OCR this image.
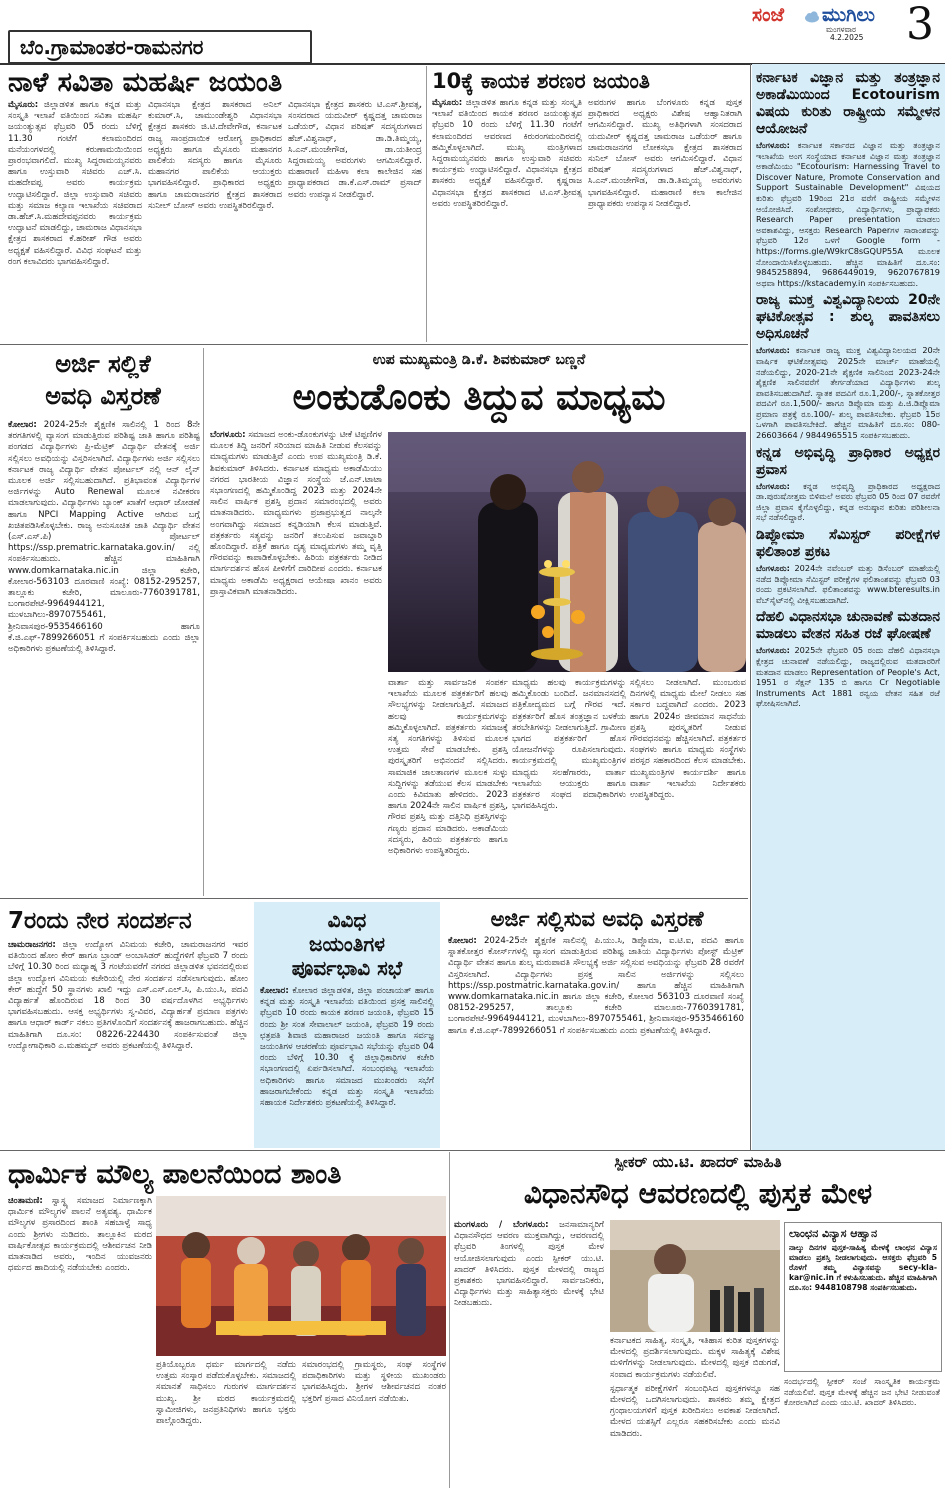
ಬೆಂ.ಗ್ರಾಮಾಂತರ-ರಾಮನಗರ
ಸಂಜೆ ಮುಗಿಲು
ಮಂಗಳವಾರ
4.2.2025 3
ನಾಳೆ ಸವಿತಾ ಮಹರ್ಷಿ ಜಯಂತಿ

ಮೈಸೂರು: ಜಿಲ್ಲಾಡಳಿತ ಹಾಗೂ ಕನ್ನಡ ಮತ್ತು ಸಂಸ್ಕೃತಿ ಇಲಾಖೆ ವತಿಯಿಂದ ಸವಿತಾ ಮಹರ್ಷಿ ಜಯಂತ್ಯುತ್ಸವ ಫೆಬ್ರವರಿ 05 ರಂದು ಬೆಳಿಗ್ಗೆ 11.30 ಗಂಟೆಗೆ ಕಲಾಮಂದಿರದ ಮನೆಯಂಗಳದಲ್ಲಿ ಕರುಣಾಮಯಿಯಿಂದ ಪ್ರಾರಂಭವಾಗಲಿದೆ. ಮುಖ್ಯ ಸಿದ್ದರಾಮಯ್ಯನವರು ಹಾಗೂ ಉಸ್ತುವಾರಿ ಸಚಿವರು ಎಚ್.ಸಿ. ಮಹದೇವಪ್ಪ ಅವರು ಕಾರ್ಯಕ್ರಮ ಉದ್ಘಾಟಿಸಲಿದ್ದಾರೆ. ಜಿಲ್ಲಾ ಉಸ್ತುವಾರಿ ಸಚಿವರು ಮತ್ತು ಸಮಾಜ ಕಲ್ಯಾಣ ಇಲಾಖೆಯ ಸಚಿವರಾದ ಡಾ.ಹೆಚ್.ಸಿ.ಮಹದೇವಪ್ಪನವರು ಕಾರ್ಯಕ್ರಮ ಉದ್ಘಾಟನೆ ಮಾಡಲಿದ್ದು, ಚಾಮರಾಜ ವಿಧಾನಸಭಾ ಕ್ಷೇತ್ರದ ಶಾಸಕರಾದ ಕೆ.ಹರೀಶ್ ಗೌಡ ಅವರು ಅಧ್ಯಕ್ಷತೆ ವಹಿಸಲಿದ್ದಾರೆ. ವಿವಿಧ ಸಂಘಟನೆ ಮತ್ತು ರಂಗ ಕಲಾವಿದರು ಭಾಗವಹಿಸಲಿದ್ದಾರೆ.

ವಿಧಾನಸಭಾ ಕ್ಷೇತ್ರದ ಶಾಸಕರಾದ ಅನಿಲ್ ಕುಮಾರ್.ಸಿ, ಚಾಮುಂಡೇಶ್ವರಿ ವಿಧಾನಸಭಾ ಕ್ಷೇತ್ರದ ಶಾಸಕರು ಜಿ.ಟಿ.ದೇವೇಗೌಡ, ಕರ್ನಾಟಕ ರಾಜ್ಯ ಸಾಂಪ್ರದಾಯಿಕ ಆರೋಗ್ಯ ಪ್ರಾಧಿಕಾರದ ಅಧ್ಯಕ್ಷರು ಹಾಗೂ ಮೈಸೂರು ಮಹಾನಗರ ಪಾಲಿಕೆಯ ಸದಸ್ಯರು ಹಾಗೂ ಮೈಸೂರು ಮಹಾನಗರ ಪಾಲಿಕೆಯ ಆಯುಕ್ತರು ಭಾಗವಹಿಸಲಿದ್ದಾರೆ. ಪ್ರಾಧಿಕಾರದ ಅಧ್ಯಕ್ಷರು ಹಾಗೂ ಚಾಮರಾಜನಗರ ಕ್ಷೇತ್ರದ ಶಾಸಕರಾದ ಸುನೀಲ್ ಬೋಸ್ ಅವರು ಉಪಸ್ಥಿತರಿರಲಿದ್ದಾರೆ.

ವಿಧಾನಸಭಾ ಕ್ಷೇತ್ರದ ಶಾಸಕರು ಟಿ.ಎಸ್.ಶ್ರೀವತ್ಸ, ಸಂಸದರಾದ ಯದುವೀರ್ ಕೃಷ್ಣದತ್ತ ಚಾಮರಾಜ ಒಡೆಯರ್, ವಿಧಾನ ಪರಿಷತ್ ಸದಸ್ಯರುಗಳಾದ ಹೆಚ್.ವಿಶ್ವನಾಥ್, ಡಾ.ಡಿ.ತಿಮ್ಮಯ್ಯ, ಸಿ.ಎನ್.ಮಂಜೇಗೌಡ, ಡಾ.ಯತೀಂದ್ರ ಸಿದ್ದರಾಮಯ್ಯ ಅವರುಗಳು ಆಗಮಿಸಲಿದ್ದಾರೆ. ಮಹಾರಾಣಿ ಮಹಿಳಾ ಕಲಾ ಕಾಲೇಜಿನ ಸಹ ಪ್ರಾಧ್ಯಾಪಕರಾದ ಡಾ.ಕೆ.ಎಸ್.ರಾಮ್ ಪ್ರಸಾದ್ ಅವರು ಉಪನ್ಯಾಸ ನೀಡಲಿದ್ದಾರೆ.

10ಕ್ಕೆ ಕಾಯಕ ಶರಣರ ಜಯಂತಿ

ಮೈಸೂರು: ಜಿಲ್ಲಾಡಳಿತ ಹಾಗೂ ಕನ್ನಡ ಮತ್ತು ಸಂಸ್ಕೃತಿ ಇಲಾಖೆ ವತಿಯಿಂದ ಕಾಯಕ ಶರಣರ ಜಯಂತ್ಯುತ್ಸವ ಫೆಬ್ರವರಿ 10 ರಂದು ಬೆಳಿಗ್ಗೆ 11.30 ಗಂಟೆಗೆ ಕಲಾಮಂದಿರದ ಆವರಣದ ಕಿರುರಂಗಮಂದಿರದಲ್ಲಿ ಹಮ್ಮಿಕೊಳ್ಳಲಾಗಿದೆ. ಮುಖ್ಯ ಮಂತ್ರಿಗಳಾದ ಸಿದ್ದರಾಮಯ್ಯನವರು ಹಾಗೂ ಉಸ್ತುವಾರಿ ಸಚಿವರು ಕಾರ್ಯಕ್ರಮ ಉದ್ಘಾಟಿಸಲಿದ್ದಾರೆ. ವಿಧಾನಸಭಾ ಕ್ಷೇತ್ರದ ಶಾಸಕರು ಅಧ್ಯಕ್ಷತೆ ವಹಿಸಲಿದ್ದಾರೆ. ಕೃಷ್ಣರಾಜ ವಿಧಾನಸಭಾ ಕ್ಷೇತ್ರದ ಶಾಸಕರಾದ ಟಿ.ಎಸ್.ಶ್ರೀವತ್ಸ ಅವರು ಉಪಸ್ಥಿತರಿರಲಿದ್ದಾರೆ.

ಅವರುಗಳ ಹಾಗೂ ಬೆಂಗಳೂರು ಕನ್ನಡ ಪುಸ್ತಕ ಪ್ರಾಧಿಕಾರದ ಅಧ್ಯಕ್ಷರು ವಿಶೇಷ ಆಹ್ವಾನಿತರಾಗಿ ಆಗಮಿಸಲಿದ್ದಾರೆ. ಮುಖ್ಯ ಅತಿಥಿಗಳಾಗಿ ಸಂಸದರಾದ ಯದುವೀರ್ ಕೃಷ್ಣದತ್ತ ಚಾಮರಾಜ ಒಡೆಯರ್ ಹಾಗೂ ಚಾಮರಾಜನಗರ ಲೋಕಸಭಾ ಕ್ಷೇತ್ರದ ಶಾಸಕರಾದ ಸುನಿಲ್ ಬೋಸ್ ಅವರು ಆಗಮಿಸಲಿದ್ದಾರೆ. ವಿಧಾನ ಪರಿಷತ್ ಸದಸ್ಯರುಗಳಾದ ಹೆಚ್.ವಿಶ್ವನಾಥ್, ಸಿ.ಎನ್.ಮಂಜೇಗೌಡ, ಡಾ.ಡಿ.ತಿಮ್ಮಯ್ಯ ಅವರುಗಳು ಭಾಗವಹಿಸಲಿದ್ದಾರೆ. ಮಹಾರಾಣಿ ಕಲಾ ಕಾಲೇಜಿನ ಪ್ರಾಧ್ಯಾಪಕರು ಉಪನ್ಯಾಸ ನೀಡಲಿದ್ದಾರೆ.

ಅರ್ಜಿ ಸಲ್ಲಿಕೆ
ಅವಧಿ ವಿಸ್ತರಣೆ

ಕೋಲಾರ: 2024-25ನೇ ಶೈಕ್ಷಣಿಕ ಸಾಲಿನಲ್ಲಿ 1 ರಿಂದ 8ನೇ ತರಗತಿಗಳಲ್ಲಿ ವ್ಯಾಸಂಗ ಮಾಡುತ್ತಿರುವ ಪರಿಶಿಷ್ಟ ಜಾತಿ ಹಾಗೂ ಪರಿಶಿಷ್ಟ ಪಂಗಡದ ವಿದ್ಯಾರ್ಥಿಗಳು ಪ್ರಿ-ಮೆಟ್ರಿಕ್ ವಿದ್ಯಾರ್ಥಿ ವೇತನಕ್ಕೆ ಅರ್ಜಿ ಸಲ್ಲಿಸಲು ಅವಧಿಯನ್ನು ವಿಸ್ತರಿಸಲಾಗಿದೆ. ವಿದ್ಯಾರ್ಥಿಗಳು ಅರ್ಜಿ ಸಲ್ಲಿಸಲು ಕರ್ನಾಟಕ ರಾಜ್ಯ ವಿದ್ಯಾರ್ಥಿ ವೇತನ ಪೋರ್ಟಲ್ ನಲ್ಲಿ ಆನ್ ಲೈನ್ ಮೂಲಕ ಅರ್ಜಿ ಸಲ್ಲಿಸಬಹುದಾಗಿದೆ. ಪ್ರತಿಭಾವಂತ ವಿದ್ಯಾರ್ಥಿಗಳ ಅರ್ಜಿಗಳನ್ನು Auto Renewal ಮೂಲಕ ನವೀಕರಣ ಮಾಡಲಾಗುವುದು. ವಿದ್ಯಾರ್ಥಿಗಳು ಬ್ಯಾಂಕ್ ಖಾತೆಗೆ ಆಧಾರ್ ಜೋಡಣೆ ಹಾಗೂ NPCI Mapping Active ಆಗಿರುವ ಬಗ್ಗೆ ಖಚಿತಪಡಿಸಿಕೊಳ್ಳಬೇಕು. ರಾಜ್ಯ ಅನುಸೂಚಿತ ಜಾತಿ ವಿದ್ಯಾರ್ಥಿ ವೇತನ (ಎಸ್.ಎಸ್.ಪಿ) ಪೋರ್ಟಲ್ https://ssp.prematric.karnataka.gov.in/ ನಲ್ಲಿ ಸಂಪರ್ಕಿಸಬಹುದು. ಹೆಚ್ಚಿನ ಮಾಹಿತಿಗಾಗಿ www.domkarnataka.nic.in ಜಿಲ್ಲಾ ಕಚೇರಿ, ಕೋಲಾರ-563103 ದೂರವಾಣಿ ಸಂಖ್ಯೆ: 08152-295257, ತಾಲ್ಲೂಕು ಕಚೇರಿ, ಮಾಲೂರು-7760391781, ಬಂಗಾರಪೇಟೆ-9964944121, ಮುಳಬಾಗಿಲು-8970755461, ಶ್ರೀನಿವಾಸಪುರ-9535466160 ಹಾಗೂ ಕೆ.ಜಿ.ಎಫ್-7899266051 ಗೆ ಸಂಪರ್ಕಿಸಬಹುದು ಎಂದು ಜಿಲ್ಲಾ ಅಧಿಕಾರಿಗಳು ಪ್ರಕಟಣೆಯಲ್ಲಿ ತಿಳಿಸಿದ್ದಾರೆ.

ಉಪ ಮುಖ್ಯಮಂತ್ರಿ ಡಿ.ಕೆ. ಶಿವಕುಮಾರ್ ಬಣ್ಣನೆ
ಅಂಕುಡೊಂಕು ತಿದ್ದುವ ಮಾಧ್ಯಮ

ಬೆಂಗಳೂರು: ಸಮಾಜದ ಅಂಕು-ಡೊಂಕುಗಳನ್ನು ಟೀಕೆ ಟಿಪ್ಪಣಿಗಳ ಮೂಲಕ ತಿದ್ದಿ ಜನರಿಗೆ ಸರಿಯಾದ ಮಾಹಿತಿ ನೀಡುವ ಕೆಲಸವನ್ನು ಮಾಧ್ಯಮಗಳು ಮಾಡುತ್ತಿವೆ ಎಂದು ಉಪ ಮುಖ್ಯಮಂತ್ರಿ ಡಿ.ಕೆ. ಶಿವಕುಮಾರ್ ತಿಳಿಸಿದರು. ಕರ್ನಾಟಕ ಮಾಧ್ಯಮ ಅಕಾಡೆಮಿಯು ನಗರದ ಭಾರತೀಯ ವಿಜ್ಞಾನ ಸಂಸ್ಥೆಯ ಜೆ.ಎನ್.ಟಾಟಾ ಸಭಾಂಗಣದಲ್ಲಿ ಹಮ್ಮಿಕೊಂಡಿದ್ದ 2023 ಮತ್ತು 2024ನೇ ಸಾಲಿನ ವಾರ್ಷಿಕ ಪ್ರಶಸ್ತಿ ಪ್ರದಾನ ಸಮಾರಂಭದಲ್ಲಿ ಅವರು ಮಾತನಾಡಿದರು. ಮಾಧ್ಯಮಗಳು ಪ್ರಜಾಪ್ರಭುತ್ವದ ನಾಲ್ಕನೇ ಅಂಗವಾಗಿದ್ದು ಸಮಾಜದ ಕನ್ನಡಿಯಾಗಿ ಕೆಲಸ ಮಾಡುತ್ತಿವೆ. ಪತ್ರಕರ್ತರು ಸತ್ಯವನ್ನು ಜನರಿಗೆ ತಲುಪಿಸುವ ಜವಾಬ್ದಾರಿ ಹೊಂದಿದ್ದಾರೆ. ಪತ್ರಿಕೆ ಹಾಗೂ ದೃಶ್ಯ ಮಾಧ್ಯಮಗಳು ತಮ್ಮ ವೃತ್ತಿ ಗೌರವವನ್ನು ಕಾಪಾಡಿಕೊಳ್ಳಬೇಕು. ಹಿರಿಯ ಪತ್ರಕರ್ತರು ನೀಡಿದ ಮಾರ್ಗದರ್ಶನ ಹೊಸ ಪೀಳಿಗೆಗೆ ದಾರಿದೀಪ ಎಂದರು. ಕರ್ನಾಟಕ ಮಾಧ್ಯಮ ಅಕಾಡೆಮಿ ಅಧ್ಯಕ್ಷರಾದ ಆಯೇಷಾ ಖಾನಂ ಅವರು ಪ್ರಾಸ್ತಾವಿಕವಾಗಿ ಮಾತನಾಡಿದರು.

ವಾರ್ತಾ ಮತ್ತು ಸಾರ್ವಜನಿಕ ಸಂಪರ್ಕ ಇಲಾಖೆಯ ಮೂಲಕ ಪತ್ರಕರ್ತರಿಗೆ ಹಲವು ಸೌಲಭ್ಯಗಳನ್ನು ನೀಡಲಾಗುತ್ತಿದೆ. ಸಮಾಜದ ಹಲವು ಕಾರ್ಯಕ್ರಮಗಳನ್ನು ಹಮ್ಮಿಕೊಳ್ಳಲಾಗಿದೆ. ಪತ್ರಕರ್ತರು ಸಮಾಜಕ್ಕೆ ಸತ್ಯ ಸಂಗತಿಗಳನ್ನು ತಿಳಿಸುವ ಮೂಲಕ ಉತ್ತಮ ಸೇವೆ ಮಾಡಬೇಕು. ಪ್ರಶಸ್ತಿ ಪುರಸ್ಕೃತರಿಗೆ ಅಭಿನಂದನೆ ಸಲ್ಲಿಸಿದರು. ಸಾಮಾಜಿಕ ಜಾಲತಾಣಗಳ ಮೂಲಕ ಸುಳ್ಳು ಸುದ್ದಿಗಳನ್ನು ತಡೆಯುವ ಕೆಲಸ ಮಾಡಬೇಕು ಎಂದು ಕಿವಿಮಾತು ಹೇಳಿದರು. 2023 ಹಾಗೂ 2024ನೇ ಸಾಲಿನ ವಾರ್ಷಿಕ ಪ್ರಶಸ್ತಿ, ಗೌರವ ಪ್ರಶಸ್ತಿ ಮತ್ತು ದತ್ತಿನಿಧಿ ಪ್ರಶಸ್ತಿಗಳನ್ನು ಗಣ್ಯರು ಪ್ರದಾನ ಮಾಡಿದರು. ಅಕಾಡೆಮಿಯ ಸದಸ್ಯರು, ಹಿರಿಯ ಪತ್ರಕರ್ತರು ಹಾಗೂ ಅಧಿಕಾರಿಗಳು ಉಪಸ್ಥಿತರಿದ್ದರು.

ಮಾಧ್ಯಮ ಹಲವು ಕಾರ್ಯಕ್ರಮಗಳನ್ನು ಹಮ್ಮಿಕೊಂಡು ಬಂದಿದೆ. ಜನಮಾನಸದಲ್ಲಿ ಪತ್ರಿಕೋದ್ಯಮದ ಬಗ್ಗೆ ಗೌರವ ಇದೆ. ಪತ್ರಕರ್ತರಿಗೆ ಹೊಸ ತಂತ್ರಜ್ಞಾನ ಬಳಕೆಯ ತರಬೇತಿಗಳನ್ನು ನೀಡಲಾಗುತ್ತಿದೆ. ಗ್ರಾಮೀಣ ಭಾಗದ ಪತ್ರಕರ್ತರಿಗೆ ಹೊಸ ಯೋಜನೆಗಳನ್ನು ರೂಪಿಸಲಾಗುವುದು. ಕಾರ್ಯಕ್ರಮದಲ್ಲಿ ಮುಖ್ಯಮಂತ್ರಿಗಳ ಮಾಧ್ಯಮ ಸಲಹೆಗಾರರು, ವಾರ್ತಾ ಇಲಾಖೆಯ ಆಯುಕ್ತರು ಹಾಗೂ ಪತ್ರಕರ್ತರ ಸಂಘದ ಪದಾಧಿಕಾರಿಗಳು ಭಾಗವಹಿಸಿದ್ದರು.

ಸಲ್ಲಿಸಲು ನೀಡಲಾಗಿದೆ. ಮುಂಬರುವ ದಿನಗಳಲ್ಲಿ ಮಾಧ್ಯಮ ಮೇಲೆ ನೀಡಲು ಸಹ ಸರ್ಕಾರ ಬದ್ಧವಾಗಿದೆ ಎಂದರು. 2023 ಹಾಗೂ 2024ರ ಜೀವಮಾನ ಸಾಧನೆಯ ಪ್ರಶಸ್ತಿ ಪುರಸ್ಕೃತರಿಗೆ ನೀಡುವ ಗೌರವಧನವನ್ನು ಹೆಚ್ಚಿಸಲಾಗಿದೆ. ಪತ್ರಕರ್ತರ ಸಂಘಗಳು ಹಾಗೂ ಮಾಧ್ಯಮ ಸಂಸ್ಥೆಗಳು ಪರಸ್ಪರ ಸಹಕಾರದಿಂದ ಕೆಲಸ ಮಾಡಬೇಕು. ಮುಖ್ಯಮಂತ್ರಿಗಳ ಕಾರ್ಯದರ್ಶಿ ಹಾಗೂ ವಾರ್ತಾ ಇಲಾಖೆಯ ನಿರ್ದೇಶಕರು ಉಪಸ್ಥಿತರಿದ್ದರು.

7ರಂದು ನೇರ ಸಂದರ್ಶನ

ಚಾಮರಾಜನಗರ: ಜಿಲ್ಲಾ ಉದ್ಯೋಗ ವಿನಿಮಯ ಕಚೇರಿ, ಚಾಮರಾಜನಗರ ಇವರ ವತಿಯಿಂದ ಹೋಂ ಕೇರ್ ಹಾಗೂ ಬ್ರಾಂಡ್ ಅಂಬಾಸಿಡರ್ ಹುದ್ದೆಗಳಿಗೆ ಫೆಬ್ರವರಿ 7 ರಂದು ಬೆಳಿಗ್ಗೆ 10.30 ರಿಂದ ಮಧ್ಯಾಹ್ನ 3 ಗಂಟೆಯವರೆಗೆ ನಗರದ ಜಿಲ್ಲಾಡಳಿತ ಭವನದಲ್ಲಿರುವ ಜಿಲ್ಲಾ ಉದ್ಯೋಗ ವಿನಿಮಯ ಕಚೇರಿಯಲ್ಲಿ ನೇರ ಸಂದರ್ಶನ ನಡೆಸಲಾಗುವುದು. ಹೋಂ ಕೇರ್ ಹುದ್ದೆಗೆ 50 ಸ್ಥಾನಗಳು ಖಾಲಿ ಇದ್ದು ಎಸ್.ಎಸ್.ಎಲ್.ಸಿ, ಪಿ.ಯು.ಸಿ, ಪದವಿ ವಿದ್ಯಾರ್ಹತೆ ಹೊಂದಿರುವ 18 ರಿಂದ 30 ವರ್ಷದೊಳಗಿನ ಅಭ್ಯರ್ಥಿಗಳು ಭಾಗವಹಿಸಬಹುದು. ಆಸಕ್ತ ಅಭ್ಯರ್ಥಿಗಳು ಸ್ವ-ವಿವರ, ವಿದ್ಯಾರ್ಹತೆ ಪ್ರಮಾಣ ಪತ್ರಗಳು ಹಾಗೂ ಆಧಾರ್ ಕಾರ್ಡ್ ನಕಲು ಪ್ರತಿಗಳೊಂದಿಗೆ ಸಂದರ್ಶನಕ್ಕೆ ಹಾಜರಾಗಬಹುದು. ಹೆಚ್ಚಿನ ಮಾಹಿತಿಗಾಗಿ ದೂ.ಸಂ: 08226-224430 ಸಂಪರ್ಕಿಸುವಂತೆ ಜಿಲ್ಲಾ ಉದ್ಯೋಗಾಧಿಕಾರಿ ಎ.ಮಹಮ್ಮದ್ ಅವರು ಪ್ರಕಟಣೆಯಲ್ಲಿ ತಿಳಿಸಿದ್ದಾರೆ.

ವಿವಿಧ
ಜಯಂತಿಗಳ
ಪೂರ್ವಭಾವಿ ಸಭೆ

ಕೋಲಾರ: ಕೋಲಾರ ಜಿಲ್ಲಾಡಳಿತ, ಜಿಲ್ಲಾ ಪಂಚಾಯತ್ ಹಾಗೂ ಕನ್ನಡ ಮತ್ತು ಸಂಸ್ಕೃತಿ ಇಲಾಖೆಯ ವತಿಯಿಂದ ಪ್ರಸಕ್ತ ಸಾಲಿನಲ್ಲಿ ಫೆಬ್ರವರಿ 10 ರಂದು ಕಾಯಕ ಶರಣರ ಜಯಂತಿ, ಫೆಬ್ರವರಿ 15 ರಂದು ಶ್ರೀ ಸಂತ ಸೇವಾಲಾಲ್ ಜಯಂತಿ, ಫೆಬ್ರವರಿ 19 ರಂದು ಛತ್ರಪತಿ ಶಿವಾಜಿ ಮಹಾರಾಜರ ಜಯಂತಿ ಹಾಗೂ ಸರ್ವಜ್ಞ ಜಯಂತಿಗಳ ಆಚರಣೆಯ ಪೂರ್ವಭಾವಿ ಸಭೆಯನ್ನು ಫೆಬ್ರವರಿ 04 ರಂದು ಬೆಳಿಗ್ಗೆ 10.30 ಕ್ಕೆ ಜಿಲ್ಲಾಧಿಕಾರಿಗಳ ಕಚೇರಿ ಸಭಾಂಗಣದಲ್ಲಿ ಏರ್ಪಡಿಸಲಾಗಿದೆ. ಸಂಬಂಧಪಟ್ಟ ಇಲಾಖೆಯ ಅಧಿಕಾರಿಗಳು ಹಾಗೂ ಸಮಾಜದ ಮುಖಂಡರು ಸಭೆಗೆ ಹಾಜರಾಗಬೇಕೆಂದು ಕನ್ನಡ ಮತ್ತು ಸಂಸ್ಕೃತಿ ಇಲಾಖೆಯ ಸಹಾಯಕ ನಿರ್ದೇಶಕರು ಪ್ರಕಟಣೆಯಲ್ಲಿ ತಿಳಿಸಿದ್ದಾರೆ.

ಅರ್ಜಿ ಸಲ್ಲಿಸುವ ಅವಧಿ ವಿಸ್ತರಣೆ

ಕೋಲಾರ: 2024-25ನೇ ಶೈಕ್ಷಣಿಕ ಸಾಲಿನಲ್ಲಿ ಪಿ.ಯು.ಸಿ, ಡಿಪ್ಲೊಮಾ, ಐ.ಟಿ.ಐ, ಪದವಿ ಹಾಗೂ ಸ್ನಾತಕೋತ್ತರ ಕೋರ್ಸ್‌ಗಳಲ್ಲಿ ವ್ಯಾಸಂಗ ಮಾಡುತ್ತಿರುವ ಪರಿಶಿಷ್ಟ ಜಾತಿಯ ವಿದ್ಯಾರ್ಥಿಗಳು ಪೋಸ್ಟ್ ಮೆಟ್ರಿಕ್ ವಿದ್ಯಾರ್ಥಿ ವೇತನ ಹಾಗೂ ಶುಲ್ಕ ಮರುಪಾವತಿ ಸೌಲಭ್ಯಕ್ಕೆ ಅರ್ಜಿ ಸಲ್ಲಿಸುವ ಅವಧಿಯನ್ನು ಫೆಬ್ರವರಿ 28 ರವರೆಗೆ ವಿಸ್ತರಿಸಲಾಗಿದೆ. ವಿದ್ಯಾರ್ಥಿಗಳು ಪ್ರಸಕ್ತ ಸಾಲಿನ ಅರ್ಜಿಗಳನ್ನು ಸಲ್ಲಿಸಲು https://ssp.postmatric.karnataka.gov.in/ ಹಾಗೂ ಹೆಚ್ಚಿನ ಮಾಹಿತಿಗಾಗಿ www.domkarnataka.nic.in ಹಾಗೂ ಜಿಲ್ಲಾ ಕಚೇರಿ, ಕೋಲಾರ 563103 ದೂರವಾಣಿ ಸಂಖ್ಯೆ 08152-295257, ತಾಲ್ಲೂಕು ಕಚೇರಿ ಮಾಲೂರು-7760391781, ಬಂಗಾರಪೇಟೆ-9964944121, ಮುಳಬಾಗಿಲು-8970755461, ಶ್ರೀನಿವಾಸಪುರ-9535466160 ಹಾಗೂ ಕೆ.ಜಿ.ಎಫ್-7899266051 ಗೆ ಸಂಪರ್ಕಿಸಬಹುದು ಎಂದು ಪ್ರಕಟಣೆಯಲ್ಲಿ ತಿಳಿಸಿದ್ದಾರೆ.

ಧಾರ್ಮಿಕ ಮೌಲ್ಯ ಪಾಲನೆಯಿಂದ ಶಾಂತಿ

ಚಿಂತಾಮಣಿ: ಸ್ವಾಸ್ಥ್ಯ ಸಮಾಜದ ನಿರ್ಮಾಣಕ್ಕಾಗಿ ಧಾರ್ಮಿಕ ಮೌಲ್ಯಗಳ ಪಾಲನೆ ಅತ್ಯವಶ್ಯ. ಧಾರ್ಮಿಕ ಮೌಲ್ಯಗಳ ಪ್ರಸಾರದಿಂದ ಶಾಂತಿ ಸಹಬಾಳ್ವೆ ಸಾಧ್ಯ ಎಂದು ಶ್ರೀಗಳು ನುಡಿದರು. ತಾಲ್ಲೂಕಿನ ಮಠದ ವಾರ್ಷಿಕೋತ್ಸವ ಕಾರ್ಯಕ್ರಮದಲ್ಲಿ ಆಶೀರ್ವಚನ ನೀಡಿ ಮಾತನಾಡಿದ ಅವರು, ಇಂದಿನ ಯುವಜನರು ಧರ್ಮದ ಹಾದಿಯಲ್ಲಿ ನಡೆಯಬೇಕು ಎಂದರು.

ಪ್ರತಿಯೊಬ್ಬರೂ ಧರ್ಮ ಮಾರ್ಗದಲ್ಲಿ ನಡೆದು ಉತ್ತಮ ಸಂಸ್ಕಾರ ಪಡೆದುಕೊಳ್ಳಬೇಕು. ಸಮಾಜದಲ್ಲಿ ಸಮಾನತೆ ಸಾಧಿಸಲು ಗುರುಗಳ ಮಾರ್ಗದರ್ಶನ ಮುಖ್ಯ. ಶ್ರೀ ಮಠದ ಕಾರ್ಯಕ್ರಮದಲ್ಲಿ ಸ್ವಾಮೀಜಿಗಳು, ಜನಪ್ರತಿನಿಧಿಗಳು ಹಾಗೂ ಭಕ್ತರು ಪಾಲ್ಗೊಂಡಿದ್ದರು.

ಸಮಾರಂಭದಲ್ಲಿ ಗ್ರಾಮಸ್ಥರು, ಸಂಘ ಸಂಸ್ಥೆಗಳ ಪದಾಧಿಕಾರಿಗಳು ಮತ್ತು ಸ್ಥಳೀಯ ಮುಖಂಡರು ಭಾಗವಹಿಸಿದ್ದರು. ಶ್ರೀಗಳ ಆಶೀರ್ವಚನದ ನಂತರ ಭಕ್ತರಿಗೆ ಪ್ರಸಾದ ವಿನಿಯೋಗ ನಡೆಯಿತು.

ಸ್ಪೀಕರ್ ಯು.ಟಿ. ಖಾದರ್ ಮಾಹಿತಿ
ವಿಧಾನಸೌಧ ಆವರಣದಲ್ಲಿ ಪುಸ್ತಕ ಮೇಳ

ಮಂಗಳೂರು / ಬೆಂಗಳೂರು: ಜನಸಾಮಾನ್ಯರಿಗೆ ವಿಧಾನಸೌಧದ ಆವರಣ ಮುಕ್ತವಾಗಿದ್ದು, ಆವರಣದಲ್ಲಿ ಫೆಬ್ರವರಿ ತಿಂಗಳಲ್ಲಿ ಪುಸ್ತಕ ಮೇಳ ಆಯೋಜಿಸಲಾಗುವುದು ಎಂದು ಸ್ಪೀಕರ್ ಯು.ಟಿ. ಖಾದರ್ ತಿಳಿಸಿದರು. ಪುಸ್ತಕ ಮೇಳದಲ್ಲಿ ರಾಜ್ಯದ ಪ್ರಕಾಶಕರು ಭಾಗವಹಿಸಲಿದ್ದಾರೆ. ಸಾರ್ವಜನಿಕರು, ವಿದ್ಯಾರ್ಥಿಗಳು ಮತ್ತು ಸಾಹಿತ್ಯಾಸಕ್ತರು ಮೇಳಕ್ಕೆ ಭೇಟಿ ನೀಡಬಹುದು.

ಕರ್ನಾಟಕದ ಸಾಹಿತ್ಯ, ಸಂಸ್ಕೃತಿ, ಇತಿಹಾಸ ಕುರಿತ ಪುಸ್ತಕಗಳನ್ನು ಮೇಳದಲ್ಲಿ ಪ್ರದರ್ಶಿಸಲಾಗುವುದು. ಮಕ್ಕಳ ಸಾಹಿತ್ಯಕ್ಕೆ ವಿಶೇಷ ಮಳಿಗೆಗಳನ್ನು ನೀಡಲಾಗುವುದು. ಮೇಳದಲ್ಲಿ ಪುಸ್ತಕ ಬಿಡುಗಡೆ, ಸಂವಾದ ಕಾರ್ಯಕ್ರಮಗಳು ನಡೆಯಲಿವೆ.

ಸ್ಪರ್ಧಾತ್ಮಕ ಪರೀಕ್ಷೆಗಳಿಗೆ ಸಂಬಂಧಿಸಿದ ಪುಸ್ತಕಗಳನ್ನೂ ಸಹ ಮೇಳದಲ್ಲಿ ಒದಗಿಸಲಾಗುವುದು. ಶಾಸಕರು ತಮ್ಮ ಕ್ಷೇತ್ರದ ಗ್ರಂಥಾಲಯಗಳಿಗೆ ಪುಸ್ತಕ ಖರೀದಿಸಲು ಅವಕಾಶ ನೀಡಲಾಗಿದೆ. ಮೇಳದ ಯಶಸ್ಸಿಗೆ ಎಲ್ಲರೂ ಸಹಕರಿಸಬೇಕು ಎಂದು ಮನವಿ ಮಾಡಿದರು.

ಕರ್ನಾಟಕ ವಿಜ್ಞಾನ ಮತ್ತು ತಂತ್ರಜ್ಞಾನ ಅಕಾಡೆಮಿಯಿಂದ Ecotourism ವಿಷಯ ಕುರಿತು ರಾಷ್ಟ್ರೀಯ ಸಮ್ಮೇಳನ ಆಯೋಜನೆ

ಬೆಂಗಳೂರು: ಕರ್ನಾಟಕ ಸರ್ಕಾರದ ವಿಜ್ಞಾನ ಮತ್ತು ತಂತ್ರಜ್ಞಾನ ಇಲಾಖೆಯ ಅಂಗ ಸಂಸ್ಥೆಯಾದ ಕರ್ನಾಟಕ ವಿಜ್ಞಾನ ಮತ್ತು ತಂತ್ರಜ್ಞಾನ ಅಕಾಡೆಮಿಯು "Ecotourism: Harnessing Travel to Discover Nature, Promote Conservation and Support Sustainable Development" ವಿಷಯದ ಕುರಿತು ಫೆಬ್ರವರಿ 19ರಿಂದ 21ರ ವರೆಗೆ ರಾಷ್ಟ್ರೀಯ ಸಮ್ಮೇಳನ ಆಯೋಜಿಸಿದೆ. ಸಂಶೋಧಕರು, ವಿದ್ಯಾರ್ಥಿಗಳು, ಪ್ರಾಧ್ಯಾಪಕರು Research Paper presentation ಮಾಡಲು ಅವಕಾಶವಿದ್ದು, ಆಸಕ್ತರು Research Paperಗಳ ಸಾರಾಂಶವನ್ನು ಫೆಬ್ರವರಿ 12ರ ಒಳಗೆ Google form - https://forms.gle/W9krC8sGQUP55A ಮೂಲಕ ನೋಂದಾಯಿಸಿಕೊಳ್ಳಬಹುದು. ಹೆಚ್ಚಿನ ಮಾಹಿತಿಗೆ ದೂ.ಸಂ: 9845258894, 9686449019, 9620767819 ಅಥವಾ https://kstacademy.in ಸಂಪರ್ಕಿಸಬಹುದು.

ರಾಜ್ಯ ಮುಕ್ತ ವಿಶ್ವವಿದ್ಯಾನಿಲಯ 20ನೇ ಘಟಿಕೋತ್ಸವ : ಶುಲ್ಕ ಪಾವತಿಸಲು ಅಧಿಸೂಚನೆ

ಬೆಂಗಳೂರು: ಕರ್ನಾಟಕ ರಾಜ್ಯ ಮುಕ್ತ ವಿಶ್ವವಿದ್ಯಾನಿಲಯದ 20ನೇ ವಾರ್ಷಿಕ ಘಟಿಕೋತ್ಸವವು 2025ನೇ ಮಾರ್ಚ್ ಮಾಹೆಯಲ್ಲಿ ನಡೆಯಲಿದ್ದು, 2020-21ನೇ ಶೈಕ್ಷಣಿಕ ಸಾಲಿನಿಂದ 2023-24ನೇ ಶೈಕ್ಷಣಿಕ ಸಾಲಿನವರೆಗೆ ತೇರ್ಗಡೆಯಾದ ವಿದ್ಯಾರ್ಥಿಗಳು ಶುಲ್ಕ ಪಾವತಿಸಬಹುದಾಗಿದೆ. ಸ್ನಾತಕ ಪದವಿಗೆ ರೂ.1,200/-, ಸ್ನಾತಕೋತ್ತರ ಪದವಿಗೆ ರೂ.1,500/- ಹಾಗೂ ಡಿಪ್ಲೊಮಾ ಮತ್ತು ಪಿ.ಜಿ.ಡಿಪ್ಲೊಮಾ ಪ್ರಮಾಣ ಪತ್ರಕ್ಕೆ ರೂ.100/- ಶುಲ್ಕ ಪಾವತಿಸಬೇಕು. ಫೆಬ್ರವರಿ 15ರ ಒಳಗಾಗಿ ಪಾವತಿಸಬೇಕಿದೆ. ಹೆಚ್ಚಿನ ಮಾಹಿತಿಗೆ ದೂ.ಸಂ: 080-26603664 / 9844965515 ಸಂಪರ್ಕಿಸಬಹುದು.

ಕನ್ನಡ ಅಭಿವೃದ್ಧಿ ಪ್ರಾಧಿಕಾರ ಅಧ್ಯಕ್ಷರ ಪ್ರವಾಸ

ಬೆಂಗಳೂರು: ಕನ್ನಡ ಅಭಿವೃದ್ಧಿ ಪ್ರಾಧಿಕಾರದ ಅಧ್ಯಕ್ಷರಾದ ಡಾ.ಪುರುಷೋತ್ತಮ ಬಿಳಿಮಲೆ ಅವರು ಫೆಬ್ರವರಿ 05 ರಿಂದ 07 ರವರೆಗೆ ಜಿಲ್ಲಾ ಪ್ರವಾಸ ಕೈಗೊಳ್ಳಲಿದ್ದು, ಕನ್ನಡ ಅನುಷ್ಠಾನ ಕುರಿತು ಪರಿಶೀಲನಾ ಸಭೆ ನಡೆಸಲಿದ್ದಾರೆ.

ಡಿಪ್ಲೋಮಾ ಸೆಮಿಸ್ಟರ್ ಪರೀಕ್ಷೆಗಳ ಫಲಿತಾಂಶ ಪ್ರಕಟ

ಬೆಂಗಳೂರು: 2024ನೇ ನವೆಂಬರ್ ಮತ್ತು ಡಿಸೆಂಬರ್ ಮಾಹೆಯಲ್ಲಿ ನಡೆದ ಡಿಪ್ಲೋಮಾ ಸೆಮಿಸ್ಟರ್ ಪರೀಕ್ಷೆಗಳ ಫಲಿತಾಂಶವನ್ನು ಫೆಬ್ರವರಿ 03 ರಂದು ಪ್ರಕಟಿಸಲಾಗಿದೆ. ಫಲಿತಾಂಶವನ್ನು www.bteresults.in ವೆಬ್‌ಸೈಟ್‌ನಲ್ಲಿ ವೀಕ್ಷಿಸಬಹುದಾಗಿದೆ.

ದೆಹಲಿ ವಿಧಾನಸಭಾ ಚುನಾವಣೆ ಮತದಾನ ಮಾಡಲು ವೇತನ ಸಹಿತ ರಜೆ ಘೋಷಣೆ

ಬೆಂಗಳೂರು: 2025ನೇ ಫೆಬ್ರವರಿ 05 ರಂದು ದೆಹಲಿ ವಿಧಾನಸಭಾ ಕ್ಷೇತ್ರದ ಚುನಾವಣೆ ನಡೆಯಲಿದ್ದು, ರಾಜ್ಯದಲ್ಲಿರುವ ಮತದಾರರಿಗೆ ಮತದಾನ ಮಾಡಲು Representation of People's Act, 1951 ರ ಸೆಕ್ಷನ್ 135 ಬಿ ಹಾಗೂ Cr Negotiable Instruments Act 1881 ರನ್ವಯ ವೇತನ ಸಹಿತ ರಜೆ ಘೋಷಿಸಲಾಗಿದೆ.

ಲಾಂಛನ ವಿನ್ಯಾಸ ಆಹ್ವಾನ
ನಾಲ್ಕು ದಿನಗಳ ಪುಸ್ತಕ-ಸಾಹಿತ್ಯ ಮೇಳಕ್ಕೆ ಲಾಂಛನ ವಿನ್ಯಾಸ ಮಾಡಲು ಪ್ರಶಸ್ತಿ ನೀಡಲಾಗುವುದು. ಆಸಕ್ತರು ಫೆಬ್ರವರಿ 5 ರೊಳಗೆ ತಮ್ಮ ವಿನ್ಯಾಸವನ್ನು secy-kla-kar@nic.in ಗೆ ಕಳುಹಿಸಬಹುದು. ಹೆಚ್ಚಿನ ಮಾಹಿತಿಗಾಗಿ ದೂ.ಸಂ: 9448108798 ಸಂಪರ್ಕಿಸಬಹುದು.

ಸಂದರ್ಭದಲ್ಲಿ ಸ್ಪೀಕರ್ ಸಂಜೆ ಸಾಂಸ್ಕೃತಿಕ ಕಾರ್ಯಕ್ರಮ ನಡೆಯಲಿವೆ. ಪುಸ್ತಕ ಮೇಳಕ್ಕೆ ಹೆಚ್ಚಿನ ಜನ ಭೇಟಿ ನೀಡುವಂತೆ ಕೋರಲಾಗಿದೆ ಎಂದು ಯು.ಟಿ. ಖಾದರ್ ತಿಳಿಸಿದರು.
